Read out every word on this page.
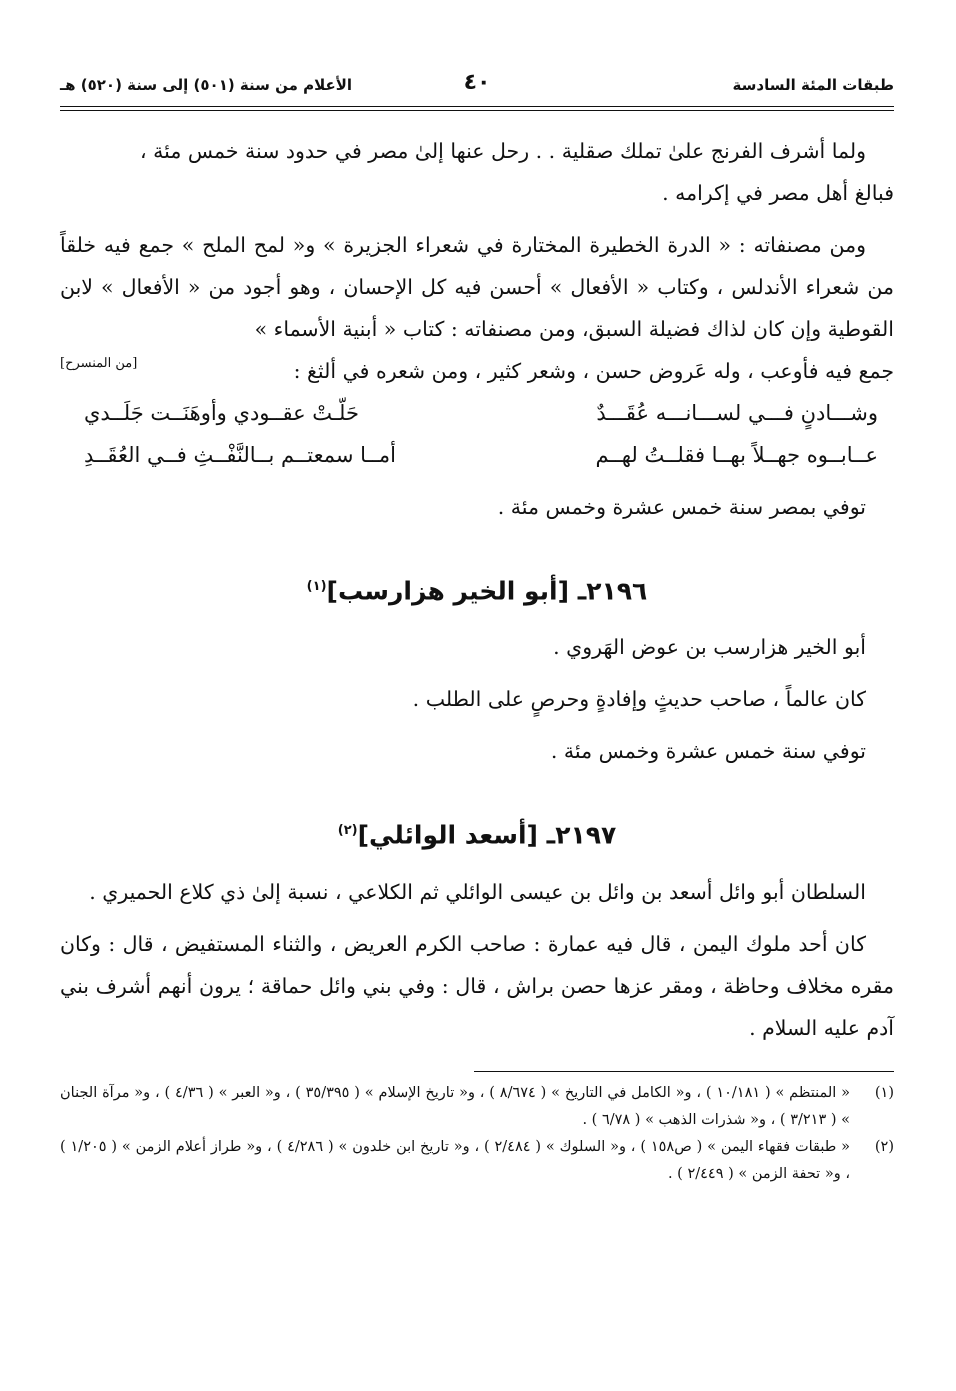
طبقات المئة السادسة
٤٠
الأعلام من سنة (٥٠١) إلى سنة (٥٢٠) هـ

ولما أشرف الفرنج علىٰ تملك صقلية . . رحل عنها إلىٰ مصر في حدود سنة خمس مئة ،

فبالغ أهل مصر في إكرامه .

ومن مصنفاته : « الدرة الخطيرة المختارة في شعراء الجزيرة » و« لمح الملح » جمع فيه خلقاً من شعراء الأندلس ، وكتاب « الأفعال » أحسن فيه كل الإحسان ، وهو أجود من « الأفعال » لابن القوطية وإن كان لذاك فضيلة السبق، ومن مصنفاته : كتاب « أبنية الأسماء »

جمع فيه فأوعب ، وله عَروض حسن ، وشعر كثير ، ومن شعره في ألثغ :

[من المنسرح]
وشـــادنٍ فـــي لســـانـــه عُقَـــدٌ
حَلّـتْ عقــودي وأوهَنَــت جَلَــدي
عــابــوه جهــلاً بهــا فقلــتُ لهــم
أمــا سمعتــم بــالنَّفْــثِ فــي العُقَــدِ

توفي بمصر سنة خمس عشرة وخمس مئة .

٢١٩٦ـ [أبو الخير هزارسب]$^{(١)}$

أبو الخير هزارسب بن عوض الهَروي .

كان عالماً ، صاحب حديثٍ وإفادةٍ وحرصٍ على الطلب .

توفي سنة خمس عشرة وخمس مئة .

٢١٩٧ـ [أسعد الوائلي]$^{(٢)}$

السلطان أبو وائل أسعد بن وائل بن عيسى الوائلي ثم الكلاعي ، نسبة إلىٰ ذي كلاع الحميري .

كان أحد ملوك اليمن ، قال فيه عمارة : صاحب الكرم العريض ، والثناء المستفيض ، قال : وكان مقره مخلاف وحاظة ، ومقر عزها حصن براش ، قال : وفي بني وائل حماقة ؛ يرون أنهم أشرف بني آدم عليه السلام .

(١)
« المنتظم » ( ١٠/١٨١ ) ، و« الكامل في التاريخ » ( ٨/٦٧٤ ) ، و« تاريخ الإسلام » ( ٣٥/٣٩٥ ) ، و« العبر » ( ٤/٣٦ ) ، و« مرآة الجنان » ( ٣/٢١٣ ) ، و« شذرات الذهب » ( ٦/٧٨ ) .
(٢)
« طبقات فقهاء اليمن » ( ص١٥٨ ) ، و« السلوك » ( ٢/٤٨٤ ) ، و« تاريخ ابن خلدون » ( ٤/٢٨٦ ) ، و« طراز أعلام الزمن » ( ١/٢٠٥ ) ، و« تحفة الزمن » ( ٢/٤٤٩ ) .
